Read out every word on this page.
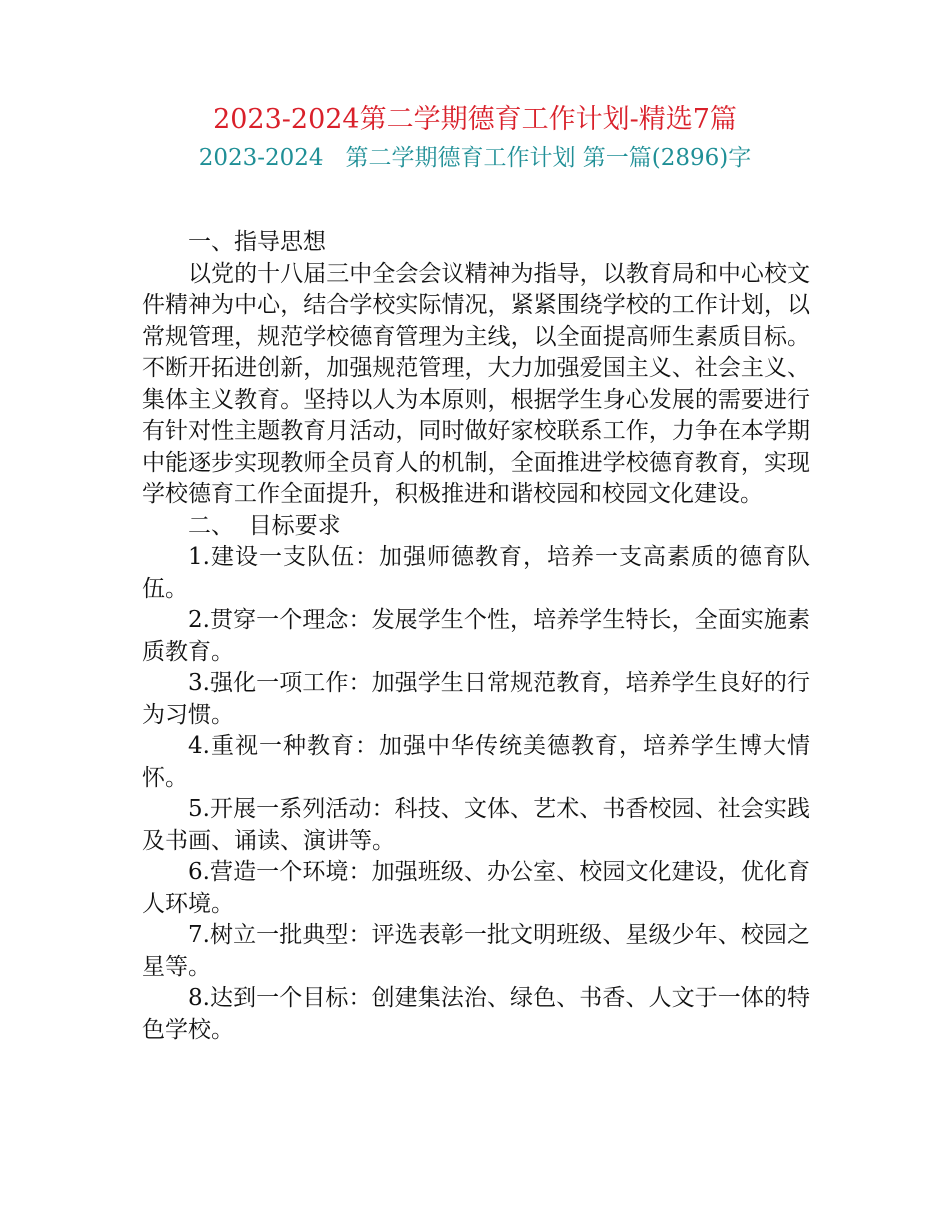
2023-2024第二学期德育工作计划-精选7篇
2023-2024   第二学期德育工作计划 第一篇(2896)字

一、指导思想

以党的十八届三中全会会议精神为指导，以教育局和中心校文件精神为中心，结合学校实际情况，紧紧围绕学校的工作计划，以常规管理，规范学校德育管理为主线，以全面提高师生素质目标。不断开拓进创新，加强规范管理，大力加强爱国主义、社会主义、集体主义教育。坚持以人为本原则，根据学生身心发展的需要进行有针对性主题教育月活动，同时做好家校联系工作，力争在本学期中能逐步实现教师全员育人的机制，全面推进学校德育教育，实现学校德育工作全面提升，积极推进和谐校园和校园文化建设。

二、  目标要求

1.建设一支队伍：加强师德教育，培养一支高素质的德育队伍。

2.贯穿一个理念：发展学生个性，培养学生特长，全面实施素质教育。

3.强化一项工作：加强学生日常规范教育，培养学生良好的行为习惯。

4.重视一种教育：加强中华传统美德教育，培养学生博大情怀。

5.开展一系列活动：科技、文体、艺术、书香校园、社会实践及书画、诵读、演讲等。

6.营造一个环境：加强班级、办公室、校园文化建设，优化育人环境。

7.树立一批典型：评选表彰一批文明班级、星级少年、校园之星等。

8.达到一个目标：创建集法治、绿色、书香、人文于一体的特色学校。
